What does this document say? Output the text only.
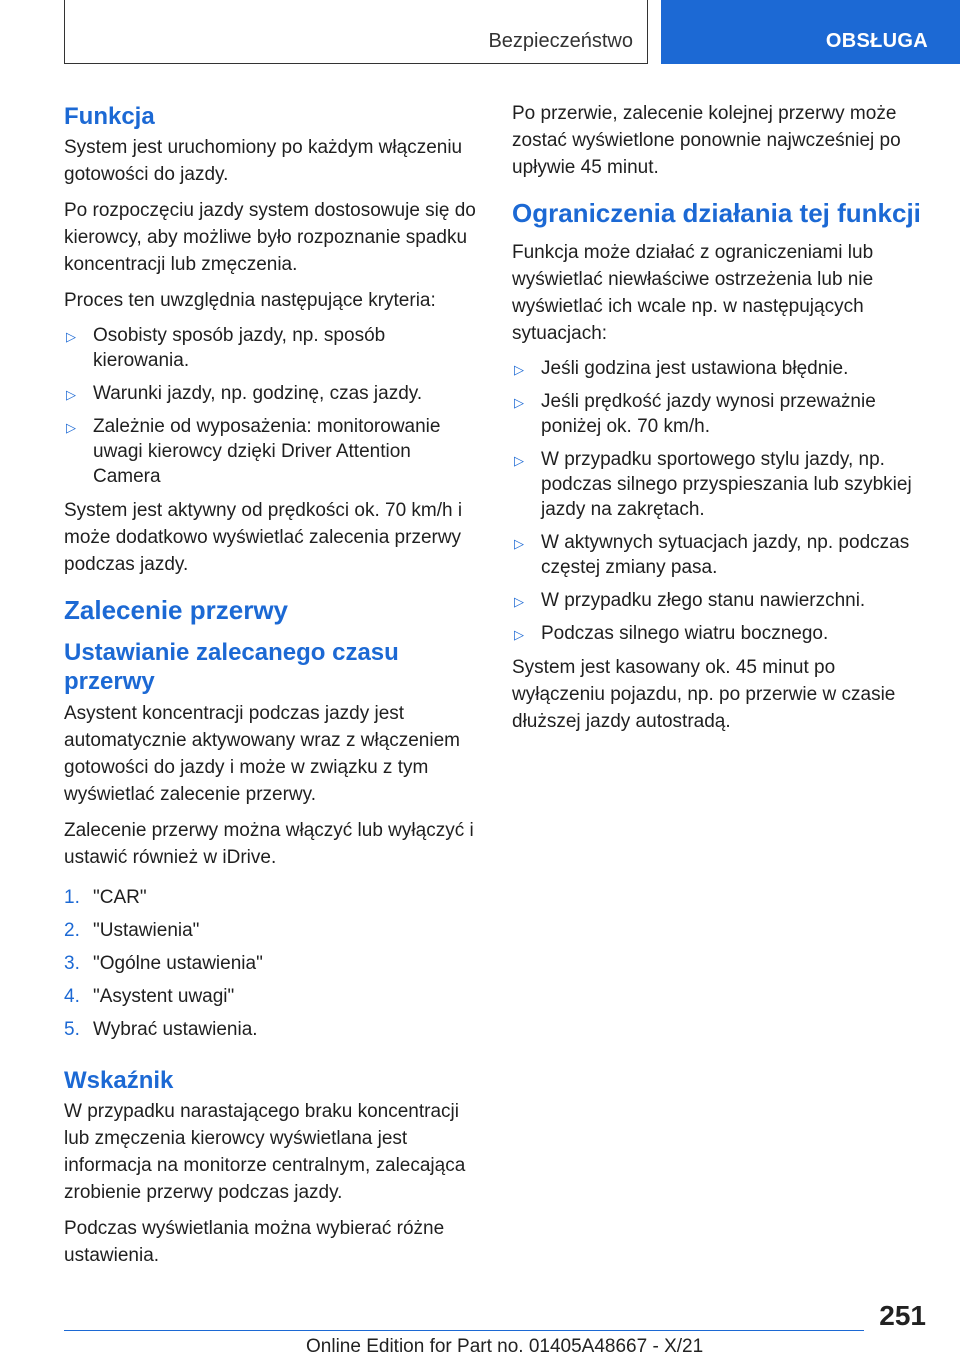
Bezpieczeństwo	OBSŁUGA
Funkcja

System jest uruchomiony po każdym włączeniu gotowości do jazdy.

Po rozpoczęciu jazdy system dostosowuje się do kierowcy, aby możliwe było rozpoznanie spadku koncentracji lub zmęczenia.

Proces ten uwzględnia następujące kryteria:

▷ Osobisty sposób jazdy, np. sposób kierowania.
▷ Warunki jazdy, np. godzinę, czas jazdy.
▷ Zależnie od wyposażenia: monitorowanie uwagi kierowcy dzięki Driver Attention Camera

System jest aktywny od prędkości ok. 70 km/h i może dodatkowo wyświetlać zalecenia przerwy podczas jazdy.

Zalecenie przerwy
Ustawianie zalecanego czasu przerwy

Asystent koncentracji podczas jazdy jest automatycznie aktywowany wraz z włączeniem gotowości do jazdy i może w związku z tym wyświetlać zalecenie przerwy.

Zalecenie przerwy można włączyć lub wyłączyć i ustawić również w iDrive.

1. "CAR"
2. "Ustawienia"
3. "Ogólne ustawienia"
4. "Asystent uwagi"
5. Wybrać ustawienia.
Wskaźnik

W przypadku narastającego braku koncentracji lub zmęczenia kierowcy wyświetlana jest informacja na monitorze centralnym, zalecająca zrobienie przerwy podczas jazdy.

Podczas wyświetlania można wybierać różne ustawienia.

Po przerwie, zalecenie kolejnej przerwy może zostać wyświetlone ponownie najwcześniej po upływie 45 minut.

Ograniczenia działania tej funkcji

Funkcja może działać z ograniczeniami lub wyświetlać niewłaściwe ostrzeżenia lub nie wyświetlać ich wcale np. w następujących sytuacjach:

▷ Jeśli godzina jest ustawiona błędnie.
▷ Jeśli prędkość jazdy wynosi przeważnie poniżej ok. 70 km/h.
▷ W przypadku sportowego stylu jazdy, np. podczas silnego przyspieszania lub szybkiej jazdy na zakrętach.
▷ W aktywnych sytuacjach jazdy, np. podczas częstej zmiany pasa.
▷ W przypadku złego stanu nawierzchni.
▷ Podczas silnego wiatru bocznego.

System jest kasowany ok. 45 minut po wyłączeniu pojazdu, np. po przerwie w czasie dłuższej jazdy autostradą.

251
Online Edition for Part no. 01405A48667 - X/21
